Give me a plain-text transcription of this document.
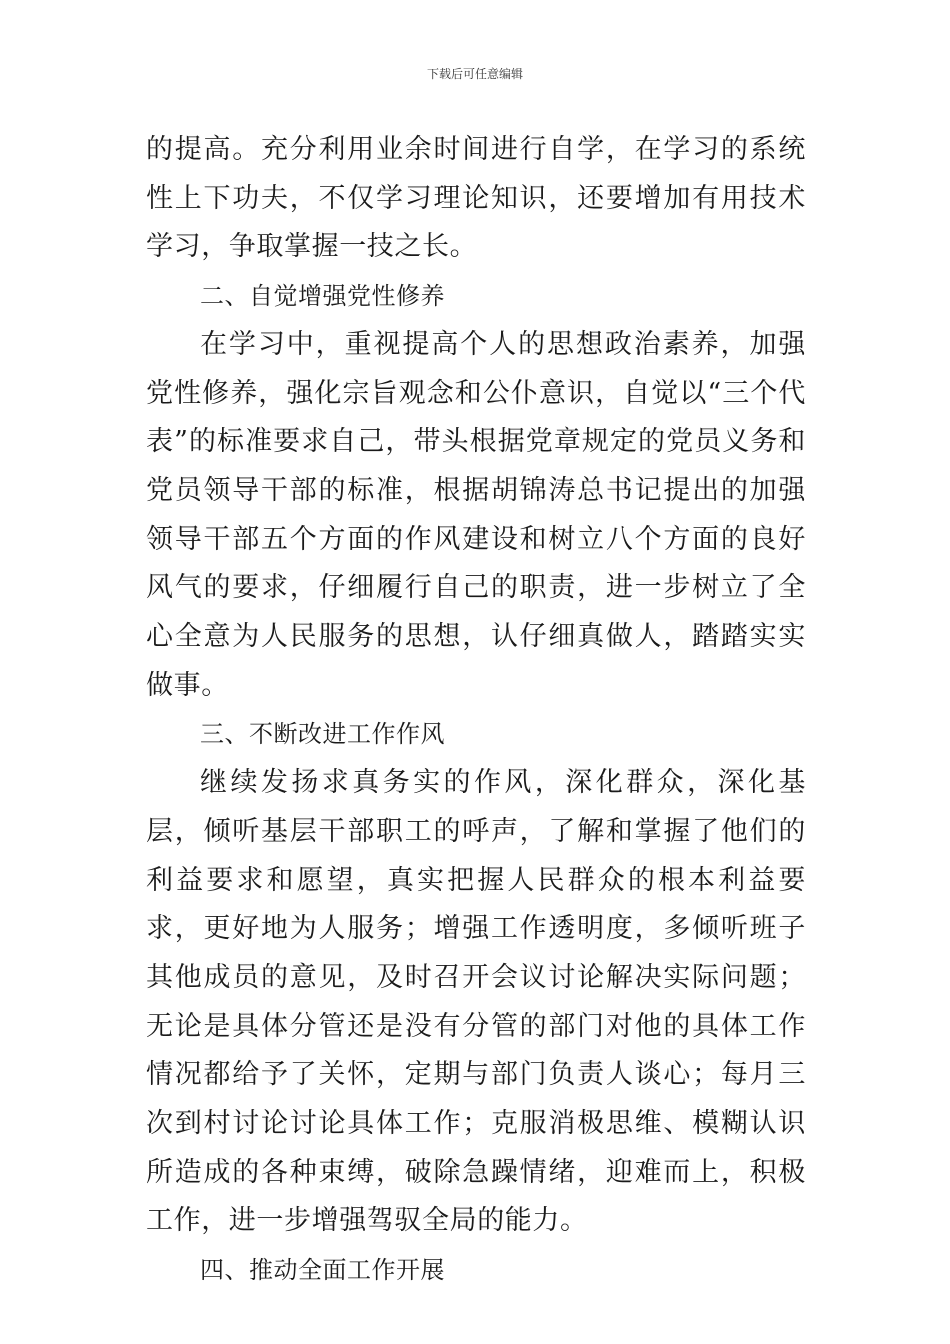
下载后可任意编辑

的提高。充分利用业余时间进行自学，在学习的系统性上下功夫，不仅学习理论知识，还要增加有用技术学习，争取掌握一技之长。

二、自觉增强党性修养

在学习中，重视提高个人的思想政治素养，加强党性修养，强化宗旨观念和公仆意识，自觉以“三个代表”的标准要求自己，带头根据党章规定的党员义务和党员领导干部的标准，根据胡锦涛总书记提出的加强领导干部五个方面的作风建设和树立八个方面的良好风气的要求，仔细履行自己的职责，进一步树立了全心全意为人民服务的思想，认仔细真做人，踏踏实实做事。

三、不断改进工作作风

继续发扬求真务实的作风，深化群众，深化基层，倾听基层干部职工的呼声，了解和掌握了他们的利益要求和愿望，真实把握人民群众的根本利益要求，更好地为人服务；增强工作透明度，多倾听班子其他成员的意见，及时召开会议讨论解决实际问题；无论是具体分管还是没有分管的部门对他的具体工作情况都给予了关怀，定期与部门负责人谈心；每月三次到村讨论讨论具体工作；克服消极思维、模糊认识所造成的各种束缚，破除急躁情绪，迎难而上，积极工作，进一步增强驾驭全局的能力。

四、推动全面工作开展
